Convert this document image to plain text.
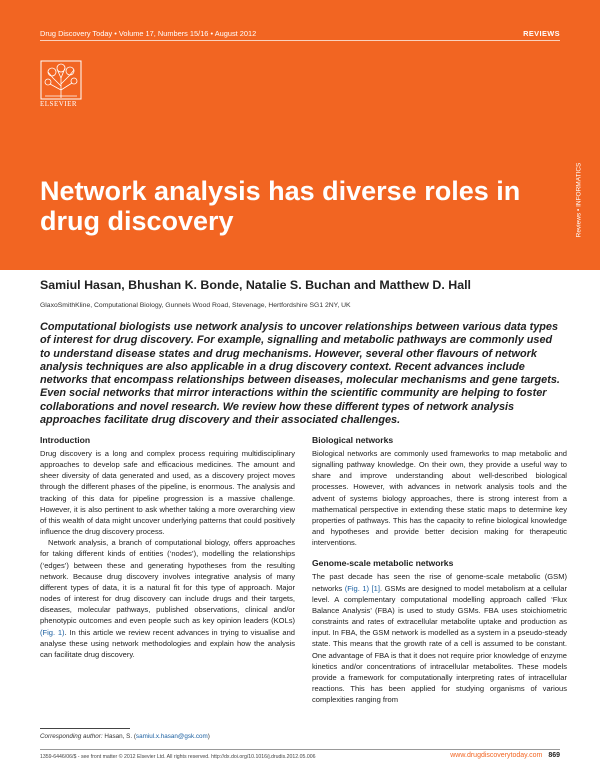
Drug Discovery Today • Volume 17, Numbers 15/16 • August 2012	REVIEWS
ELSEVIER
Reviews • INFORMATICS
Network analysis has diverse roles in drug discovery
Samiul Hasan, Bhushan K. Bonde, Natalie S. Buchan and Matthew D. Hall
GlaxoSmithKline, Computational Biology, Gunnels Wood Road, Stevenage, Hertfordshire SG1 2NY, UK

Computational biologists use network analysis to uncover relationships between various data types of interest for drug discovery. For example, signalling and metabolic pathways are commonly used to understand disease states and drug mechanisms. However, several other flavours of network analysis techniques are also applicable in a drug discovery context. Recent advances include networks that encompass relationships between diseases, molecular mechanisms and gene targets. Even social networks that mirror interactions within the scientific community are helping to foster collaborations and novel research. We review how these different types of network analysis approaches facilitate drug discovery and their associated challenges.

Introduction

Drug discovery is a long and complex process requiring multidisciplinary approaches to develop safe and efficacious medicines. The amount and sheer diversity of data generated and used, as a discovery project moves through the different phases of the pipeline, is enormous. The analysis and tracking of this data for pipeline progression is a massive challenge. However, it is also pertinent to ask whether taking a more overarching view of this wealth of data might uncover underlying patterns that could positively influence the drug discovery process.

Network analysis, a branch of computational biology, offers approaches for taking different kinds of entities (‘nodes’), modelling the relationships (‘edges’) between these and generating hypotheses from the resulting network. Because drug discovery involves integrative analysis of many different types of data, it is a natural fit for this type of approach. Major nodes of interest for drug discovery can include drugs and their targets, diseases, molecular pathways, published observations, clinical and/or phenotypic outcomes and even people such as key opinion leaders (KOLs)(Fig. 1). In this article we review recent advances in trying to visualise and analyse these using network methodologies and explain how the analysis can facilitate drug discovery.

Biological networks

Biological networks are commonly used frameworks to map metabolic and signalling pathway knowledge. On their own, they provide a useful way to share and improve understanding about well-described biological processes. However, with advances in network analysis tools and the advent of systems biology approaches, there is strong interest from a mathematical perspective in extending these static maps to determine key properties of pathways. This has the capacity to refine biological knowledge and hypotheses and provide better decision making for therapeutic interventions.

Genome-scale metabolic networks

The past decade has seen the rise of genome-scale metabolic (GSM) networks (Fig. 1) [1]. GSMs are designed to model metabolism at a cellular level. A complementary computational modelling approach called ‘Flux Balance Analysis’ (FBA) is used to study GSMs. FBA uses stoichiometric constraints and rates of extracellular metabolite uptake and production as input. In FBA, the GSM network is modelled as a system in a pseudo-steady state. This means that the growth rate of a cell is assumed to be constant. One advantage of FBA is that it does not require prior knowledge of enzyme kinetics and/or concentrations of intracellular metabolites. These models provide a framework for computationally interpreting rates of intracellular reactions. This has been applied for studying organisms of various complexities ranging from

Corresponding author: Hasan, S. (samiul.x.hasan@gsk.com)
1359-6446/06/$ - see front matter © 2012 Elsevier Ltd. All rights reserved. http://dx.doi.org/10.1016/j.drudis.2012.05.006	www.drugdiscoverytoday.com 869
